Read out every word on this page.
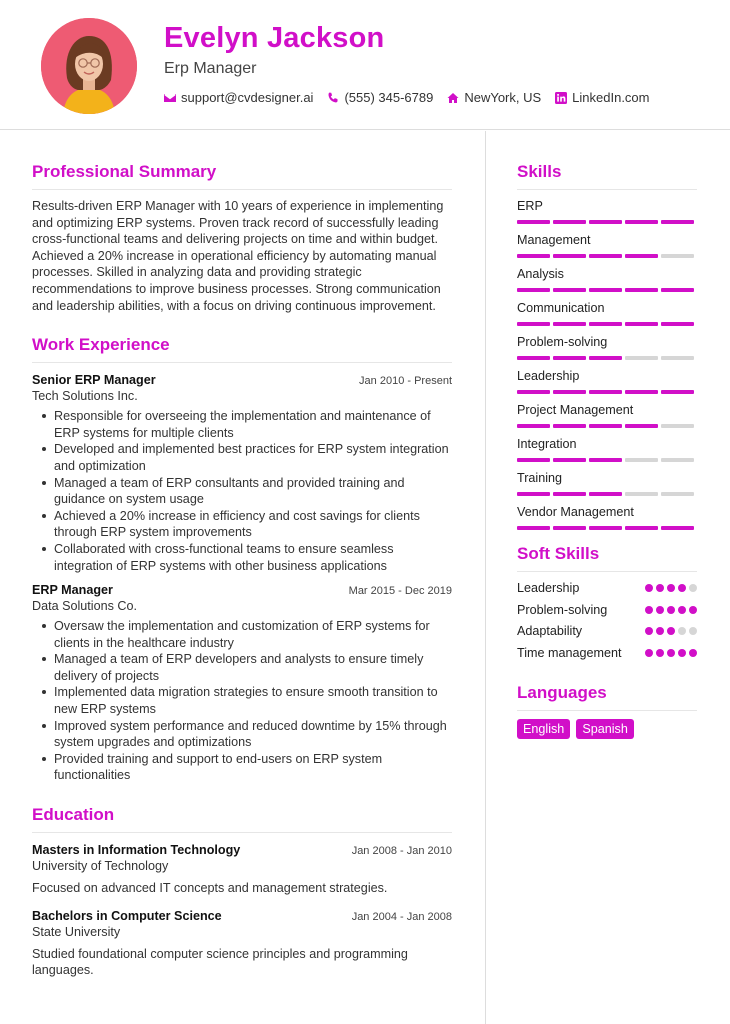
Evelyn Jackson
Erp Manager
support@cvdesigner.ai (555) 345-6789 NewYork, US LinkedIn.com
Professional Summary
Results-driven ERP Manager with 10 years of experience in implementing and optimizing ERP systems. Proven track record of successfully leading cross-functional teams and delivering projects on time and within budget. Achieved a 20% increase in operational efficiency by automating manual processes. Skilled in analyzing data and providing strategic recommendations to improve business processes. Strong communication and leadership abilities, with a focus on driving continuous improvement.
Work Experience
Senior ERP Manager	Jan 2010 - Present
Tech Solutions Inc.
Responsible for overseeing the implementation and maintenance of ERP systems for multiple clients
Developed and implemented best practices for ERP system integration and optimization
Managed a team of ERP consultants and provided training and guidance on system usage
Achieved a 20% increase in efficiency and cost savings for clients through ERP system improvements
Collaborated with cross-functional teams to ensure seamless integration of ERP systems with other business applications
ERP Manager	Mar 2015 - Dec 2019
Data Solutions Co.
Oversaw the implementation and customization of ERP systems for clients in the healthcare industry
Managed a team of ERP developers and analysts to ensure timely delivery of projects
Implemented data migration strategies to ensure smooth transition to new ERP systems
Improved system performance and reduced downtime by 15% through system upgrades and optimizations
Provided training and support to end-users on ERP system functionalities
Education
Masters in Information Technology	Jan 2008 - Jan 2010
University of Technology
Focused on advanced IT concepts and management strategies.
Bachelors in Computer Science	Jan 2004 - Jan 2008
State University
Studied foundational computer science principles and programming languages.
Skills
ERP
Management
Analysis
Communication
Problem-solving
Leadership
Project Management
Integration
Training
Vendor Management
Soft Skills
Leadership
Problem-solving
Adaptability
Time management
Languages
English	Spanish
